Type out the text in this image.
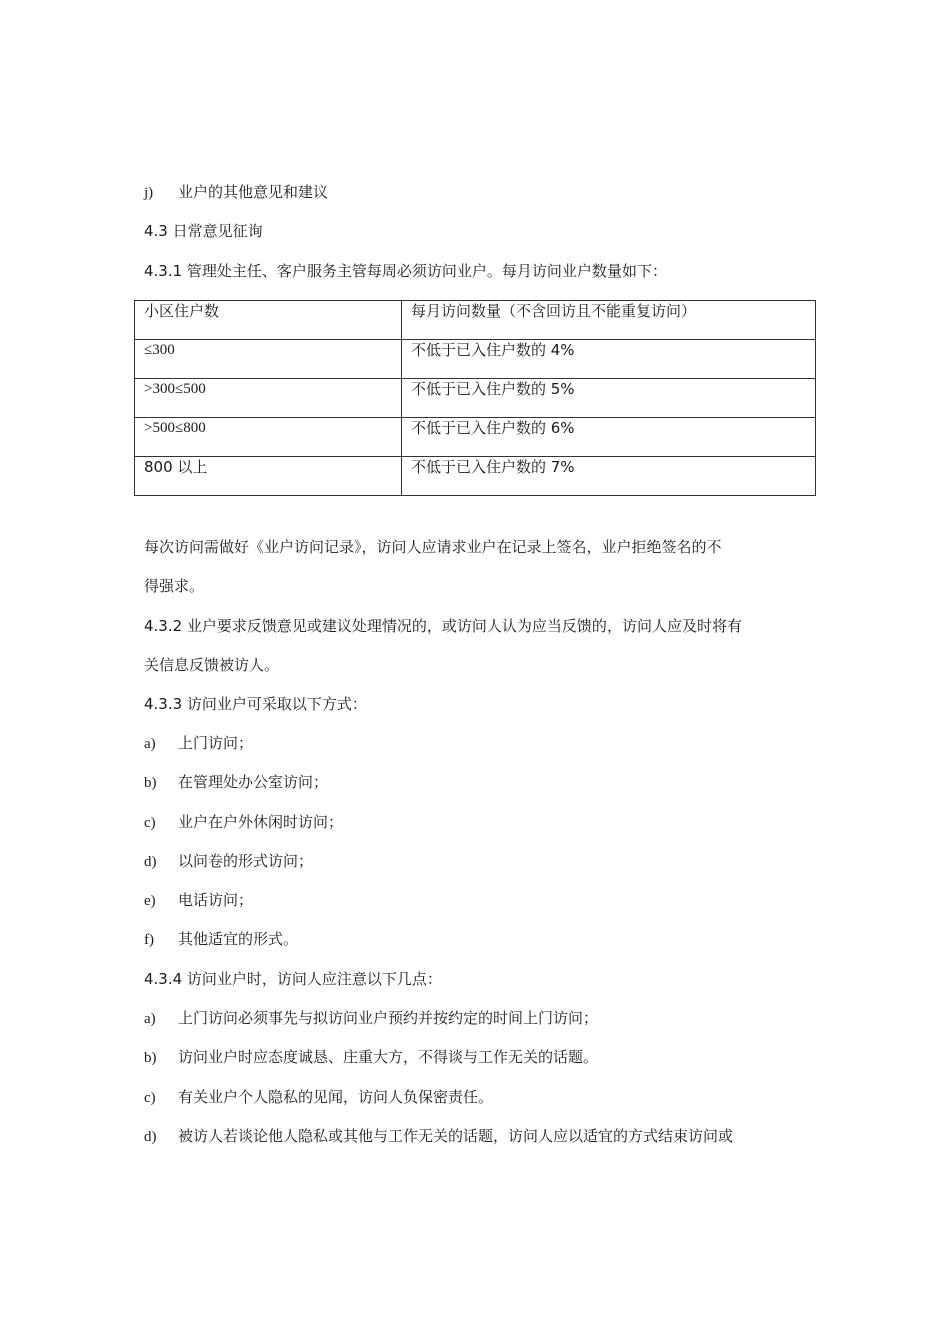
j) 业户的其他意见和建议
4.3 日常意见征询
4.3.1 管理处主任、客户服务主管每周必须访问业户。每月访问业户数量如下：
小区住户数	每月访问数量（不含回访且不能重复访问）
≤300	不低于已入住户数的 4%
>300≤500	不低于已入住户数的 5%
>500≤800	不低于已入住户数的 6%
800 以上	不低于已入住户数的 7%
每次访问需做好《业户访问记录》，访问人应请求业户在记录上签名，业户拒绝签名的不
得强求。
4.3.2 业户要求反馈意见或建议处理情况的，或访问人认为应当反馈的，访问人应及时将有
关信息反馈被访人。
4.3.3 访问业户可采取以下方式：
a) 上门访问；
b) 在管理处办公室访问；
c) 业户在户外休闲时访问；
d) 以问卷的形式访问；
e) 电话访问；
f) 其他适宜的形式。
4.3.4 访问业户时，访问人应注意以下几点：
a) 上门访问必须事先与拟访问业户预约并按约定的时间上门访问；
b) 访问业户时应态度诚恳、庄重大方，不得谈与工作无关的话题。
c) 有关业户个人隐私的见闻，访问人负保密责任。
d) 被访人若谈论他人隐私或其他与工作无关的话题，访问人应以适宜的方式结束访问或
